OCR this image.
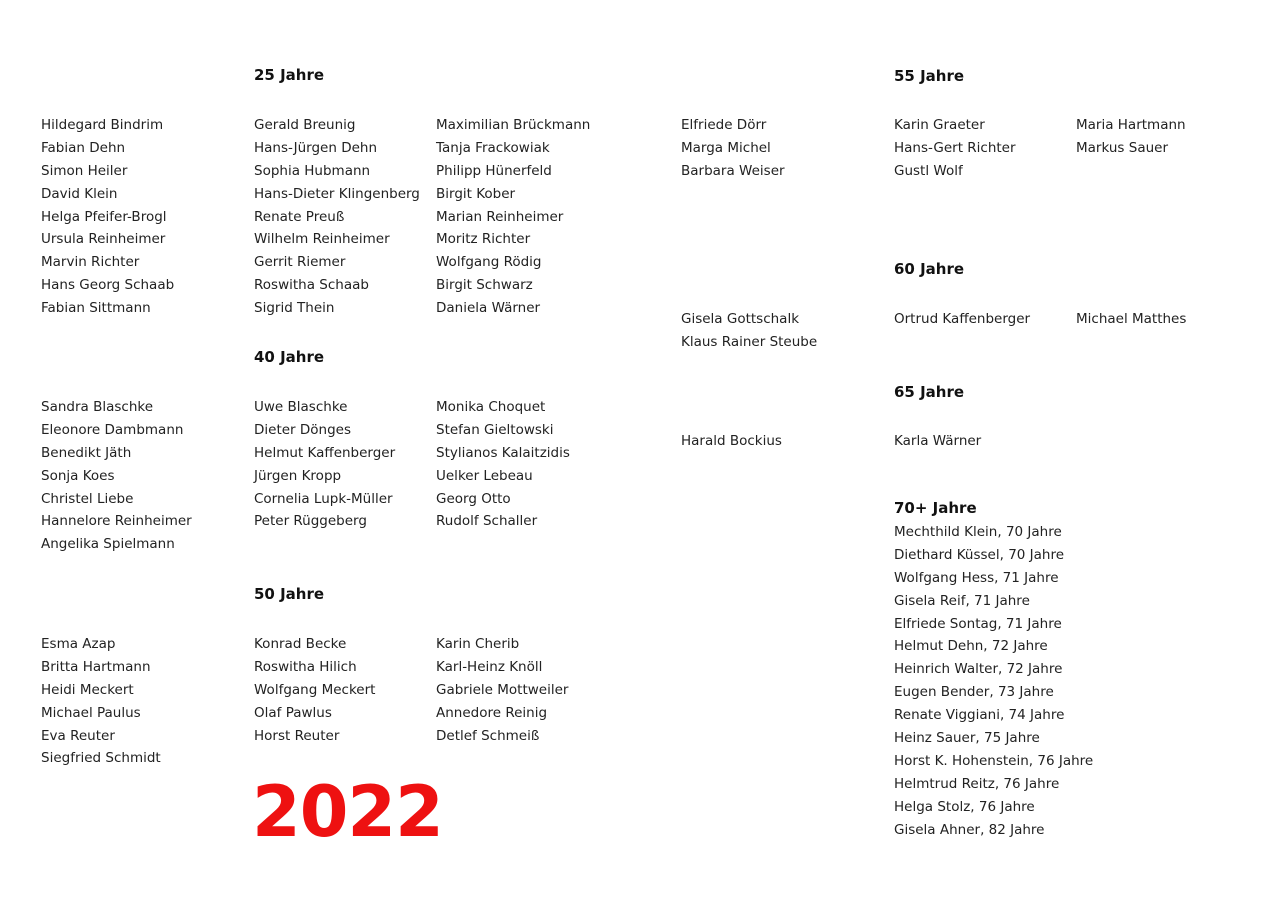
25 Jahre
Hildegard Bindrim
Fabian Dehn
Simon Heiler
David Klein
Helga Pfeifer-Brogl
Ursula Reinheimer
Marvin Richter
Hans Georg Schaab
Fabian Sittmann
Gerald Breunig
Hans-Jürgen Dehn
Sophia Hubmann
Hans-Dieter Klingenberg
Renate Preuß
Wilhelm Reinheimer
Gerrit Riemer
Roswitha Schaab
Sigrid Thein
Maximilian Brückmann
Tanja Frackowiak
Philipp Hünerfeld
Birgit Kober
Marian Reinheimer
Moritz Richter
Wolfgang Rödig
Birgit Schwarz
Daniela Wärner
40 Jahre
Sandra Blaschke
Eleonore Dambmann
Benedikt Jäth
Sonja Koes
Christel Liebe
Hannelore Reinheimer
Angelika Spielmann
Uwe Blaschke
Dieter Dönges
Helmut Kaffenberger
Jürgen Kropp
Cornelia Lupk-Müller
Peter Rüggeberg
Monika Choquet
Stefan Gieltowski
Stylianos Kalaitzidis
Uelker Lebeau
Georg Otto
Rudolf Schaller
50 Jahre
Esma Azap
Britta Hartmann
Heidi Meckert
Michael Paulus
Eva Reuter
Siegfried Schmidt
Konrad Becke
Roswitha Hilich
Wolfgang Meckert
Olaf Pawlus
Horst Reuter
Karin Cherib
Karl-Heinz Knöll
Gabriele Mottweiler
Annedore Reinig
Detlef Schmeiß
2022
55 Jahre
Elfriede Dörr
Marga Michel
Barbara Weiser
Karin Graeter
Hans-Gert Richter
Gustl Wolf
Maria Hartmann
Markus Sauer
60 Jahre
Gisela Gottschalk
Klaus Rainer Steube
Ortrud Kaffenberger	Michael Matthes
65 Jahre
Harald Bockius	Karla Wärner
70+ Jahre
Mechthild Klein, 70 Jahre
Diethard Küssel, 70 Jahre
Wolfgang Hess, 71 Jahre
Gisela Reif, 71 Jahre
Elfriede Sontag, 71 Jahre
Helmut Dehn, 72 Jahre
Heinrich Walter, 72 Jahre
Eugen Bender, 73 Jahre
Renate Viggiani, 74 Jahre
Heinz Sauer, 75 Jahre
Horst K. Hohenstein, 76 Jahre
Helmtrud Reitz, 76 Jahre
Helga Stolz, 76 Jahre
Gisela Ahner, 82 Jahre
